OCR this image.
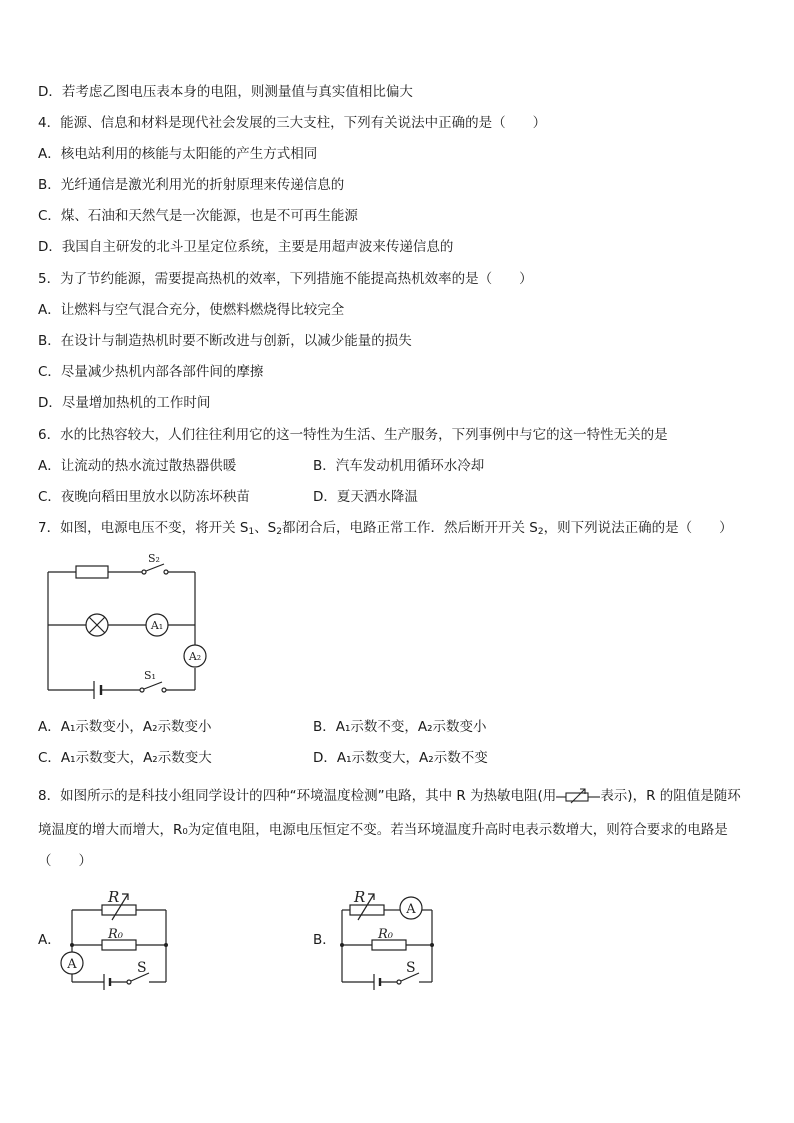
D．若考虑乙图电压表本身的电阻，则测量值与真实值相比偏大
4．能源、信息和材料是现代社会发展的三大支柱，下列有关说法中正确的是（　　）
A．核电站利用的核能与太阳能的产生方式相同
B．光纤通信是激光利用光的折射原理来传递信息的
C．煤、石油和天然气是一次能源，也是不可再生能源
D．我国自主研发的北斗卫星定位系统，主要是用超声波来传递信息的
5．为了节约能源，需要提高热机的效率，下列措施不能提高热机效率的是（　　）
A．让燃料与空气混合充分，使燃料燃烧得比较完全
B．在设计与制造热机时要不断改进与创新，以减少能量的损失
C．尽量减少热机内部各部件间的摩擦
D．尽量增加热机的工作时间
6．水的比热容较大，人们往往利用它的这一特性为生活、生产服务，下列事例中与它的这一特性无关的是
A．让流动的热水流过散热器供暖	B．汽车发动机用循环水冷却
C．夜晚向稻田里放水以防冻坏秧苗	D．夏天洒水降温
7．如图，电源电压不变，将开关 $S_1$、$S_2$都闭合后，电路正常工作．然后断开开关 $S_2$，则下列说法正确的是（　　）
S₂
S₁
A₁
A₂
A．A₁示数变小，A₂示数变小	B．A₁示数不变，A₂示数变小
C．A₁示数变大，A₂示数变大	D．A₁示数变大，A₂示数不变
8．如图所示的是科技小组同学设计的四种“环境温度检测”电路，其中 R 为热敏电阻(用	表示)，R 的阻值是随环
境温度的增大而增大，R₀为定值电阻，电源电压恒定不变。若当环境温度升高时电表示数增大，则符合要求的电路是
（　　）
A．
R
R₀
A	S
B．
R
R₀
A
S
